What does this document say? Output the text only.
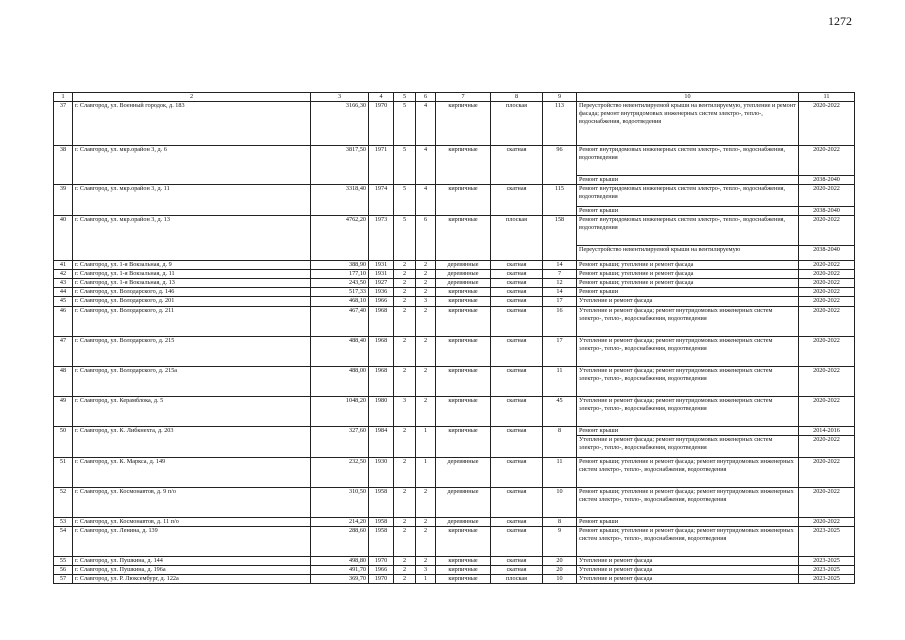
1272
1	2	3	4	5	6	7	8	9	10	11
37	г. Славгород, ул. Военный городок, д. 183	3166,30	1970	5	4	кирпичные	плоская	113	Переустройство невентилируемой крыши на вентилируемую, утепление и ремонт фасада; ремонт внутридомовых инженерных систем электро-, тепло-, водоснабжения, водоотведения	2020-2022
38	г. Славгород, ул. мкр.орайон 3, д. 6	3817,50	1971	5	4	кирпичные	скатная	96	Ремонт внутридомовых инженерных систем электро-, тепло-, водоснабжения, водоотведения	2020-2022
									Ремонт крыши	2038-2040
39	г. Славгород, ул. мкр.орайон 3, д. 11	3318,40	1974	5	4	кирпичные	скатная	115	Ремонт внутридомовых инженерных систем электро-, тепло-, водоснабжения, водоотведения	2020-2022
									Ремонт крыши	2038-2040
40	г. Славгород, ул. мкр.орайон 3, д. 13	4762,20	1973	5	6	кирпичные	плоская	158	Ремонт внутридомовых инженерных систем электро-, тепло-, водоснабжения, водоотведения	2020-2022
									Переустройство невентилируемой крыши на вентилируемую	2038-2040
41	г. Славгород, ул. 1-я Вокзальная, д. 9	388,90	1931	2	2	деревянные	скатная	14	Ремонт крыши; утепление и ремонт фасада	2020-2022
42	г. Славгород, ул. 1-я Вокзальная, д. 11	177,10	1931	2	2	деревянные	скатная	7	Ремонт крыши; утепление и ремонт фасада	2020-2022
43	г. Славгород, ул. 1-я Вокзальная, д. 13	243,50	1927	2	2	деревянные	скатная	12	Ремонт крыши; утепление и ремонт фасада	2020-2022
44	г. Славгород, ул. Володарского, д. 146	517,33	1936	2	2	кирпичные	скатная	14	Ремонт крыши	2020-2022
45	г. Славгород, ул. Володарского, д. 201	468,10	1966	2	3	кирпичные	скатная	17	Утепление и ремонт фасада	2020-2022
46	г. Славгород, ул. Володарского, д. 211	467,40	1968	2	2	кирпичные	скатная	16	Утепление и ремонт фасада; ремонт внутридомовых инженерных систем электро-, тепло-, водоснабжения, водоотведения	2020-2022
47	г. Славгород, ул. Володарского, д. 215	488,40	1968	2	2	кирпичные	скатная	17	Утепление и ремонт фасада; ремонт внутридомовых инженерных систем электро-, тепло-, водоснабжения, водоотведения	2020-2022
48	г. Славгород, ул. Володарского, д. 215а	488,00	1968	2	2	кирпичные	скатная	11	Утепление и ремонт фасада; ремонт внутридомовых инженерных систем электро-, тепло-, водоснабжения, водоотведения	2020-2022
49	г. Славгород, ул. Керамблока, д. 5	1048,20	1980	3	2	кирпичные	скатная	45	Утепление и ремонт фасада; ремонт внутридомовых инженерных систем электро-, тепло-, водоснабжения, водоотведения	2020-2022
50	г. Славгород, ул. К. Либкнехта, д. 203	327,60	1984	2	1	кирпичные	скатная	8	Ремонт крыши	2014-2016
									Утепление и ремонт фасада; ремонт внутридомовых инженерных систем электро-, тепло-, водоснабжения, водоотведения	2020-2022
51	г. Славгород, ул. К. Маркса, д. 149	232,50	1930	2	1	деревянные	скатная	11	Ремонт крыши; утепление и ремонт фасада; ремонт внутридомовых инженерных систем электро-, тепло-, водоснабжения, водоотведения	2020-2022
52	г. Славгород, ул. Космонавтов, д. 9 п/о	310,50	1958	2	2	деревянные	скатная	10	Ремонт крыши; утепление и ремонт фасада; ремонт внутридомовых инженерных систем электро-, тепло-, водоснабжения, водоотведения	2020-2022
53	г. Славгород, ул. Космонавтов, д. 11 п/о	214,20	1958	2	2	деревянные	скатная	8	Ремонт крыши	2020-2022
54	г. Славгород, ул. Ленина, д. 139	288,60	1958	2	2	кирпичные	скатная	9	Ремонт крыши; утепление и ремонт фасада; ремонт внутридомовых инженерных систем электро-, тепло-, водоснабжения, водоотведения	2023-2025
55	г. Славгород, ул. Пушкина, д. 144	498,80	1970	2	2	кирпичные	скатная	20	Утепление и ремонт фасада	2023-2025
56	г. Славгород, ул. Пушкина, д. 196а	491,70	1966	2	3	кирпичные	скатная	20	Утепление и ремонт фасада	2023-2025
57	г. Славгород, ул. Р. Люксембург, д. 122а	369,70	1970	2	1	кирпичные	плоская	10	Утепление и ремонт фасада	2023-2025
